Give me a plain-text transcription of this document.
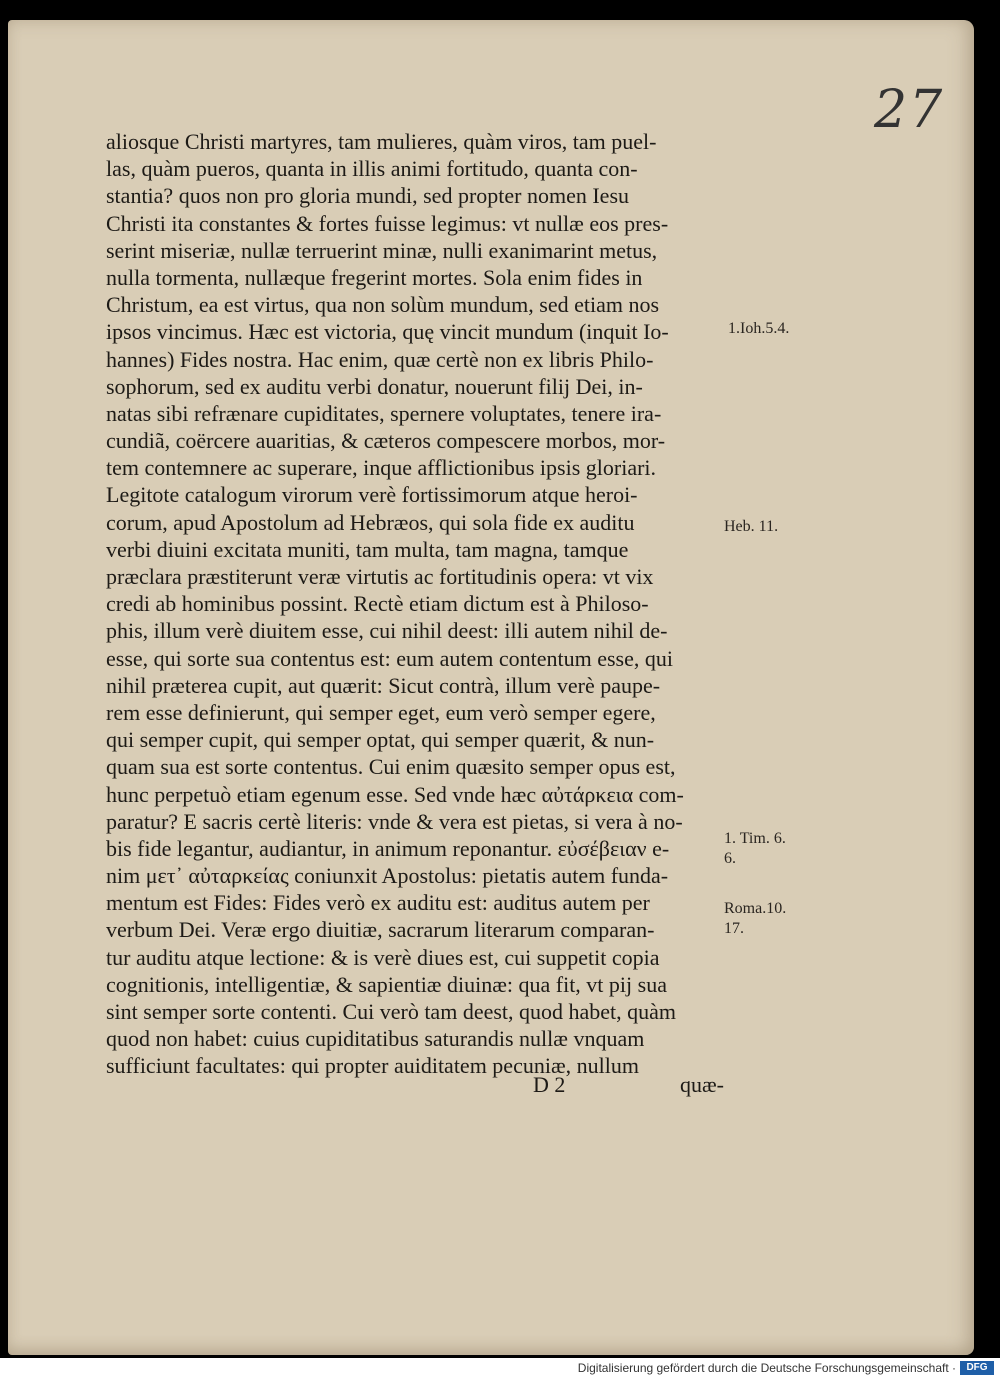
27
aliosque Christi martyres, tam mulieres, quàm viros, tam puel-
las, quàm pueros, quanta in illis animi fortitudo, quanta con-
stantia? quos non pro gloria mundi, sed propter nomen Iesu
Christi ita constantes & fortes fuisse legimus: vt nullæ eos pres-
serint miseriæ, nullæ terruerint minæ, nulli exanimarint metus,
nulla tormenta, nullæque fregerint mortes. Sola enim fides in
Christum, ea est virtus, qua non solùm mundum, sed etiam nos
ipsos vincimus. Hæc est victoria, quę vincit mundum (inquit Io-
hannes) Fides nostra. Hac enim, quæ certè non ex libris Philo-
sophorum, sed ex auditu verbi donatur, nouerunt filij Dei, in-
natas sibi refrænare cupiditates, spernere voluptates, tenere ira-
cundiã, coërcere auaritias, & cæteros compescere morbos, mor-
tem contemnere ac superare, inque afflictionibus ipsis gloriari.
Legitote catalogum virorum verè fortissimorum atque heroi-
corum, apud Apostolum ad Hebræos, qui sola fide ex auditu
verbi diuini excitata muniti, tam multa, tam magna, tamque
præclara præstiterunt veræ virtutis ac fortitudinis opera: vt vix
credi ab hominibus possint. Rectè etiam dictum est à Philoso-
phis, illum verè diuitem esse, cui nihil deest: illi autem nihil de-
esse, qui sorte sua contentus est: eum autem contentum esse, qui
nihil præterea cupit, aut quærit: Sicut contrà, illum verè paupe-
rem esse definierunt, qui semper eget, eum verò semper egere,
qui semper cupit, qui semper optat, qui semper quærit, & nun-
quam sua est sorte contentus. Cui enim quæsito semper opus est,
hunc perpetuò etiam egenum esse. Sed vnde hæc αὐτάρκεια com-
paratur? E sacris certè literis: vnde & vera est pietas, si vera à no-
bis fide legantur, audiantur, in animum reponantur. εὐσέβειαν e-
nim μετ᾽ αὐταρκείας coniunxit Apostolus: pietatis autem funda-
mentum est Fides: Fides verò ex auditu est: auditus autem per
verbum Dei. Veræ ergo diuitiæ, sacrarum literarum comparan-
tur auditu atque lectione: & is verè diues est, cui suppetit copia
cognitionis, intelligentiæ, & sapientiæ diuinæ: qua fit, vt pij sua
sint semper sorte contenti. Cui verò tam deest, quod habet, quàm
quod non habet: cuius cupiditatibus saturandis nullæ vnquam
sufficiunt facultates: qui propter auiditatem pecuniæ, nullum
1.Ioh.5.4.
Heb. 11.
1. Tim. 6.
6.
Roma.10.
17.
D 2	quæ-
Digitalisierung gefördert durch die Deutsche Forschungsgemeinschaft ·	DFG
